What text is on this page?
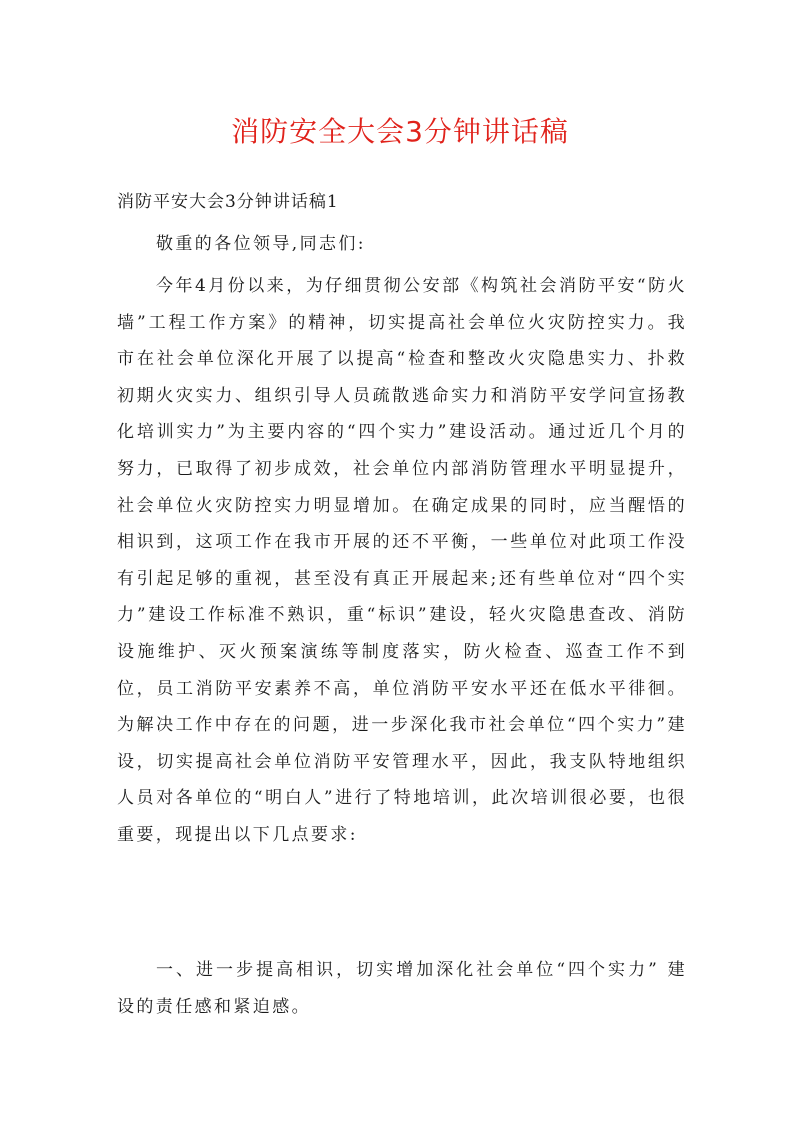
消防安全大会3分钟讲话稿
消防平安大会3分钟讲话稿1

敬重的各位领导,同志们:

今年4月份以来，为仔细贯彻公安部《构筑社会消防平安“防火墙”工程工作方案》的精神，切实提高社会单位火灾防控实力。我市在社会单位深化开展了以提高“检查和整改火灾隐患实力、扑救初期火灾实力、组织引导人员疏散逃命实力和消防平安学问宣扬教化培训实力”为主要内容的“四个实力”建设活动。通过近几个月的努力，已取得了初步成效，社会单位内部消防管理水平明显提升，社会单位火灾防控实力明显增加。在确定成果的同时，应当醒悟的相识到，这项工作在我市开展的还不平衡，一些单位对此项工作没有引起足够的重视，甚至没有真正开展起来;还有些单位对“四个实力”建设工作标准不熟识，重“标识”建设，轻火灾隐患查改、消防设施维护、灭火预案演练等制度落实，防火检查、巡查工作不到位，员工消防平安素养不高，单位消防平安水平还在低水平徘徊。为解决工作中存在的问题，进一步深化我市社会单位“四个实力”建设，切实提高社会单位消防平安管理水平，因此，我支队特地组织人员对各单位的“明白人”进行了特地培训，此次培训很必要，也很重要，现提出以下几点要求:

一、进一步提高相识，切实增加深化社会单位“四个实力” 建设的责任感和紧迫感。
